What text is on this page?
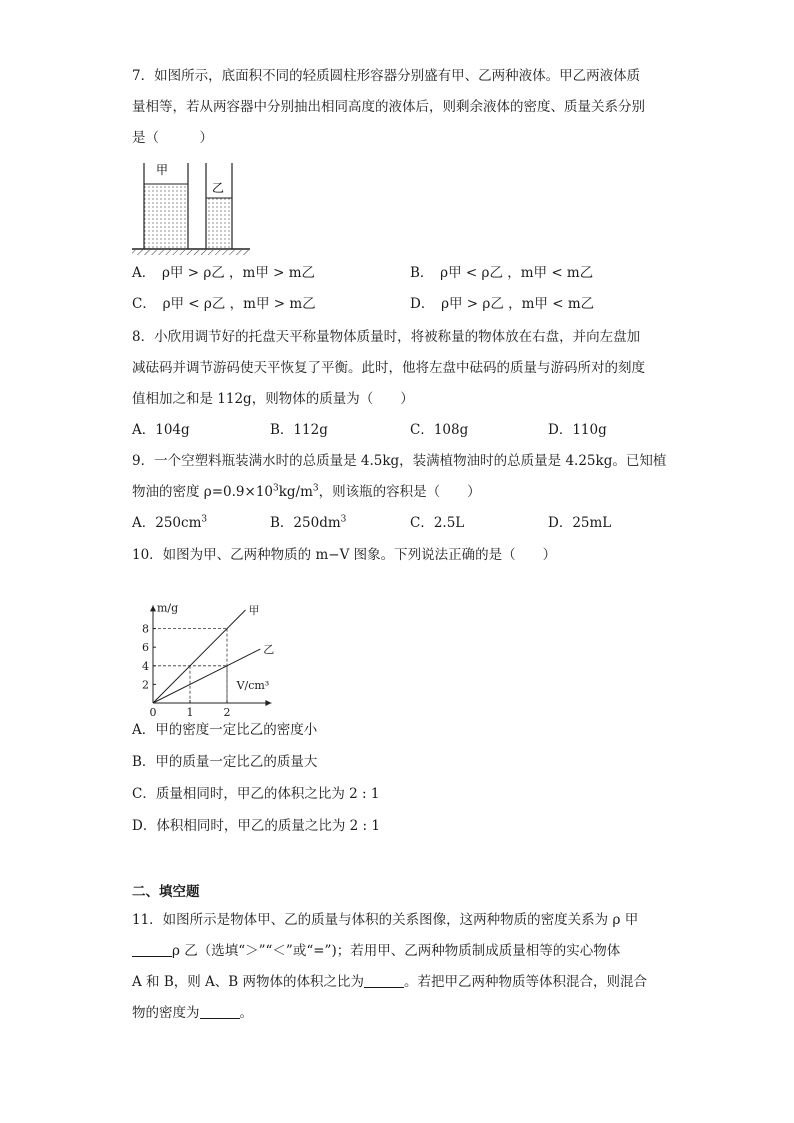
7．如图所示，底面积不同的轻质圆柱形容器分别盛有甲、乙两种液体。甲乙两液体质
量相等，若从两容器中分别抽出相同高度的液体后，则剩余液体的密度、质量关系分别
是（　　　）
甲
乙
A．　ρ甲 > ρ乙 ，m甲 > m乙	B．　ρ甲 < ρ乙 ，m甲 < m乙
C．　ρ甲 < ρ乙 ，m甲 > m乙	D．　ρ甲 > ρ乙 ，m甲 < m乙
8．小欣用调节好的托盘天平称量物体质量时，将被称量的物体放在右盘，并向左盘加
减砝码并调节游码使天平恢复了平衡。此时，他将左盘中砝码的质量与游码所对的刻度
值相加之和是 112g，则物体的质量为（　　）
A．104g	B．112g	C．108g	D．110g
9．一个空塑料瓶装满水时的总质量是 4.5kg，装满植物油时的总质量是 4.25kg。已知植
物油的密度 $\rho=0.9\times 10^3kg/m^3$，则该瓶的容积是（　　）
A．$250cm^3$	B．$250dm^3$	C．2.5L	D．25mL
10．如图为甲、乙两种物质的 m−V 图象。下列说法正确的是（　　）
甲
乙
0	1	2
2
4
6
8
m/g
V/cm³
A．甲的密度一定比乙的密度小
B．甲的质量一定比乙的质量大
C．质量相同时，甲乙的体积之比为 2 : 1
D．体积相同时，甲乙的质量之比为 2 : 1
二、填空题
11．如图所示是物体甲、乙的质量与体积的关系图像，这两种物质的密度关系为 ρ 甲
ρ 乙（选填“＞”“＜”或“=”)；若用甲、乙两种物质制成质量相等的实心物体
A 和 B，则 A、B 两物体的体积之比为	。若把甲乙两种物质等体积混合，则混合
物的密度为	。
